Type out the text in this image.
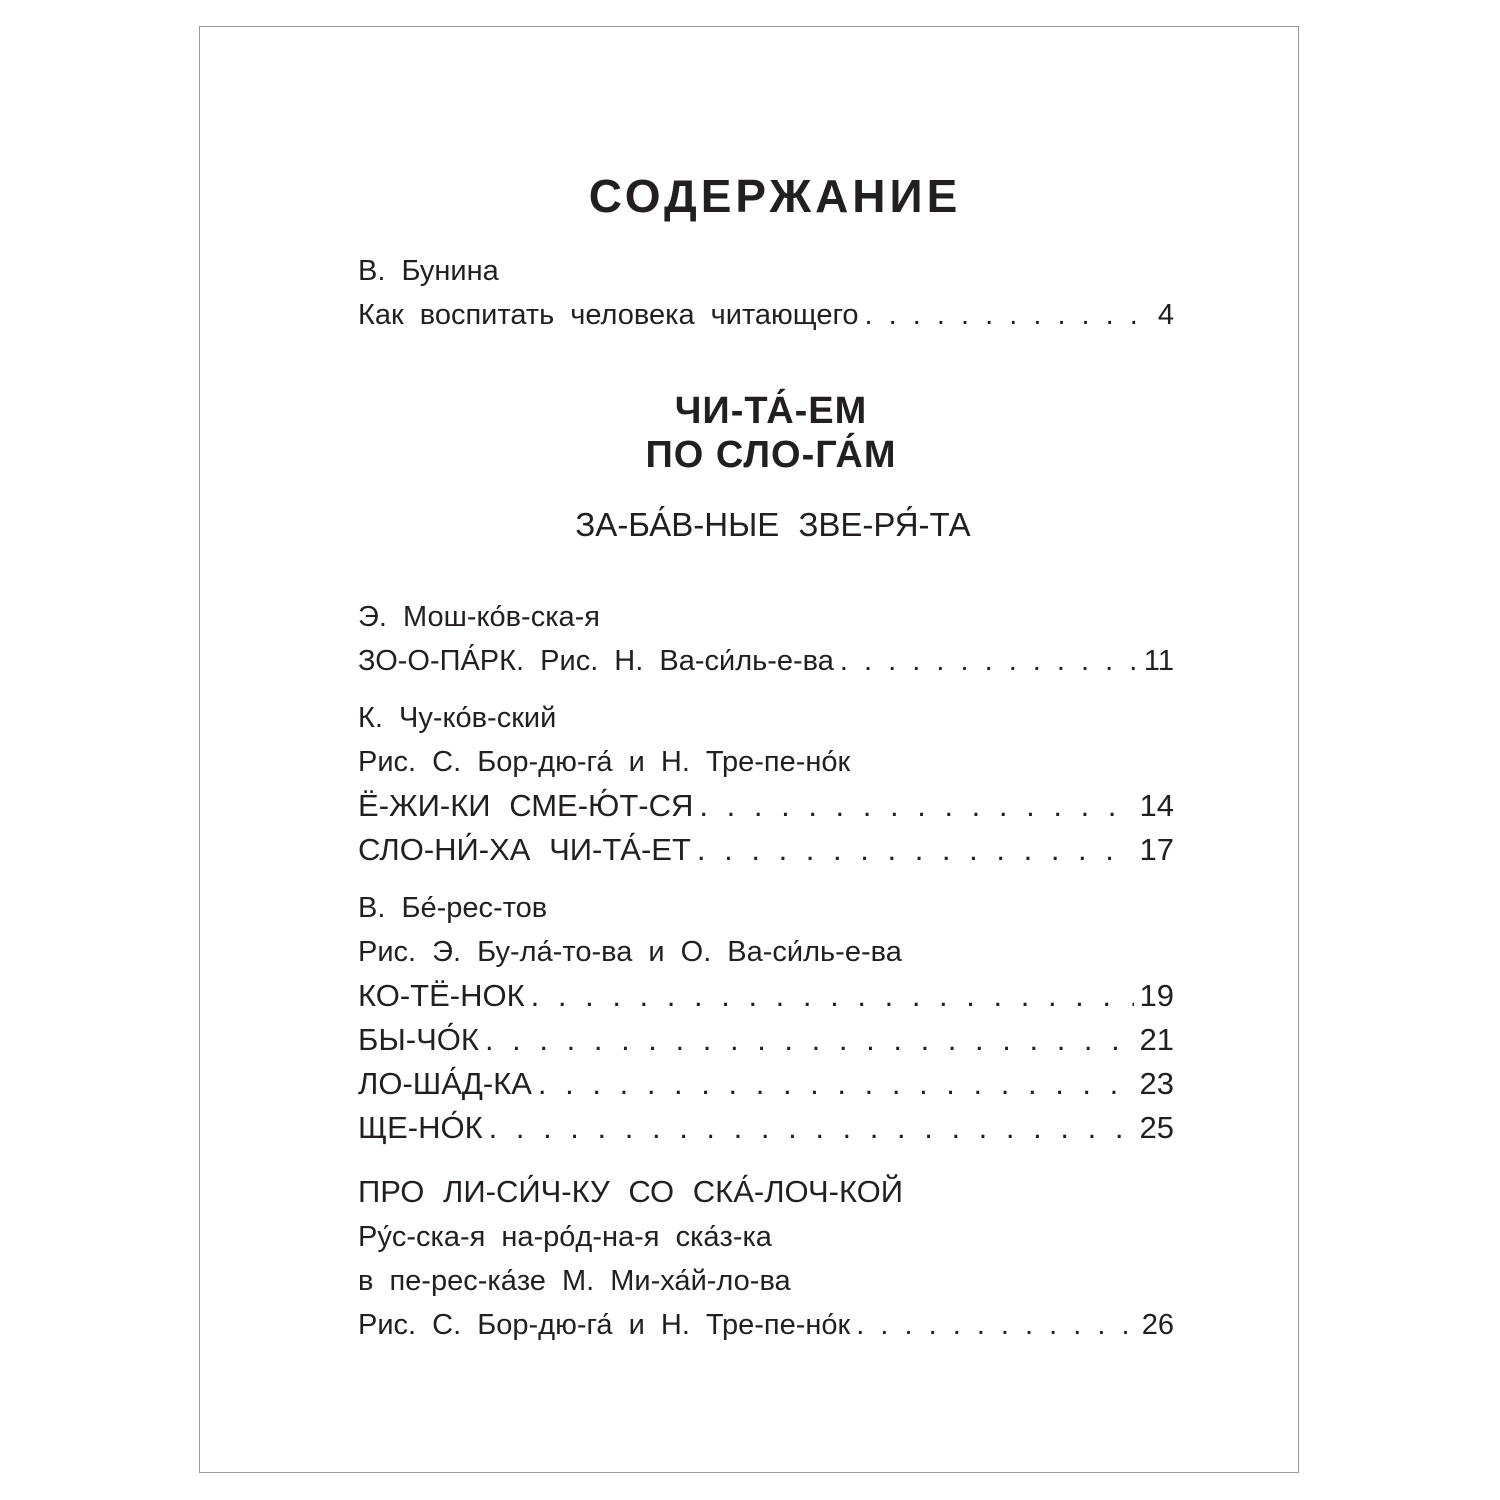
СОДЕРЖАНИЕ
В. Бунина
Как воспитать человека читающего . . .	4
ЧИ-ТА́-ЕМ
ПО СЛО-ГА́М
ЗА-БА́В-НЫЕ ЗВЕ-РЯ́-ТА
Э. Мош-ко́в-ска-я
ЗО-О-ПА́РК. Рис. Н. Ва-си́ль-е-ва . . .	11
К. Чу-ко́в-ский
Рис. С. Бор-дю-га́ и Н. Тре-пе-но́к
Ё-ЖИ-КИ СМЕ-Ю́Т-СЯ . . .	14
СЛО-НИ́-ХА ЧИ-ТА́-ЕТ . . .	17
В. Бе́-рес-тов
Рис. Э. Бу-ла́-то-ва и О. Ва-си́ль-е-ва
КО-ТЁ-НОК . . .	19
БЫ-ЧО́К . . .	21
ЛО-ША́Д-КА . . .	23
ЩЕ-НО́К . . .	25
ПРО ЛИ-СИ́Ч-КУ СО СКА́-ЛОЧ-КОЙ
Ру́с-ска-я на-ро́д-на-я ска́з-ка
в пе-рес-ка́зе М. Ми-ха́й-ло-ва
Рис. С. Бор-дю-га́ и Н. Тре-пе-но́к . . .	26
